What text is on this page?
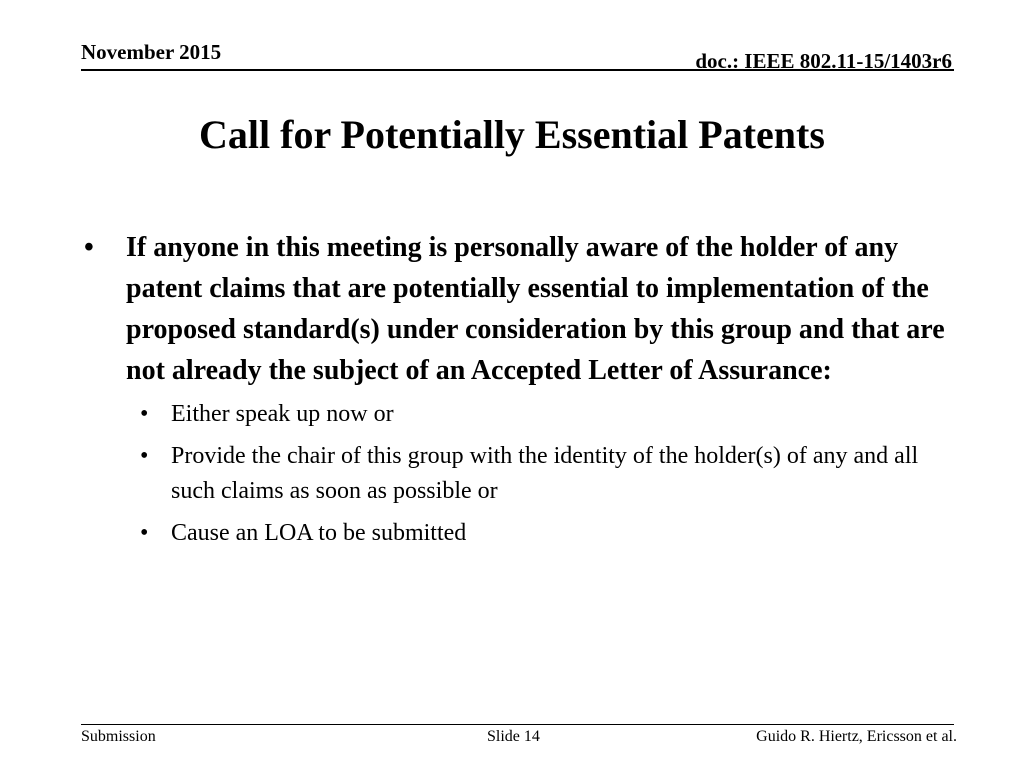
November 2015	doc.: IEEE 802.11-15/1403r6
Call for Potentially Essential Patents
• If anyone in this meeting is personally aware of the holder of any patent claims that are potentially essential to implementation of the proposed standard(s) under consideration by this group and that are not already the subject of an Accepted Letter of Assurance:
• Either speak up now or
• Provide the chair of this group with the identity of the holder(s) of any and all such claims as soon as possible or
• Cause an LOA to be submitted
Submission	Slide 14	Guido R. Hiertz, Ericsson et al.
